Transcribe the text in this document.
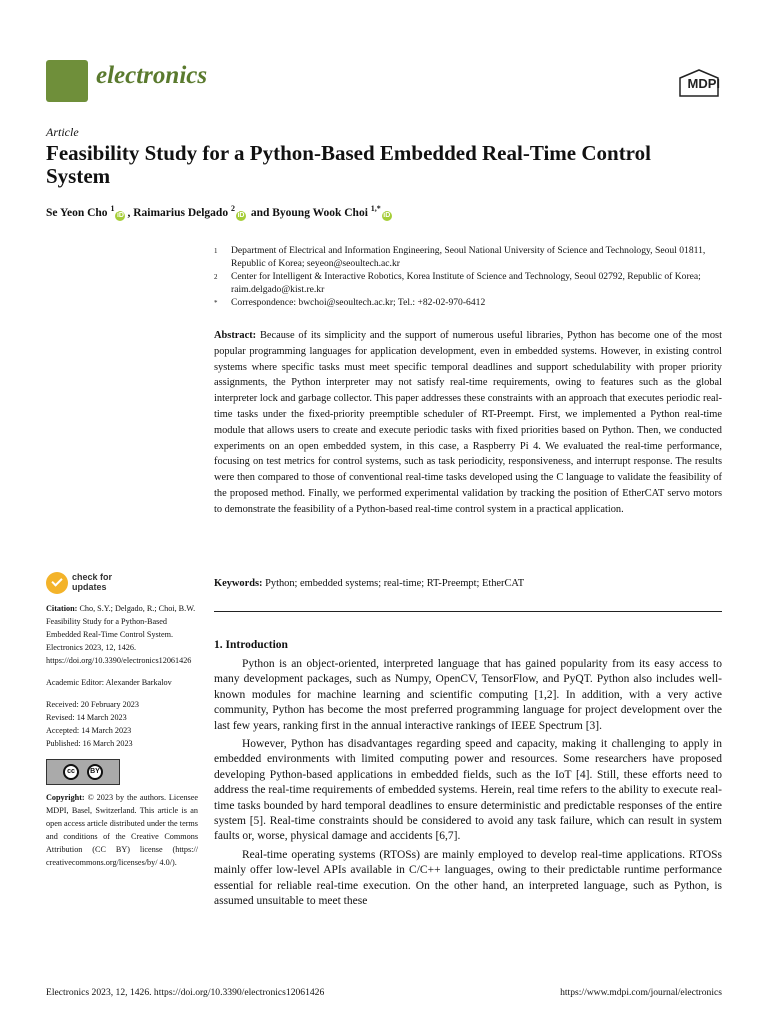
electronics	MDPI
Article
Feasibility Study for a Python-Based Embedded Real-Time Control System
Se Yeon Cho $^1$iD , Raimarius Delgado $^2$iD and Byoung Wook Choi $^{1,*}$iD
1	Department of Electrical and Information Engineering, Seoul National University of Science and Technology, Seoul 01811, Republic of Korea; seyeon@seoultech.ac.kr
2	Center for Intelligent & Interactive Robotics, Korea Institute of Science and Technology, Seoul 02792, Republic of Korea; raim.delgado@kist.re.kr
*	Correspondence: bwchoi@seoultech.ac.kr; Tel.: +82-02-970-6412
Abstract: Because of its simplicity and the support of numerous useful libraries, Python has become one of the most popular programming languages for application development, even in embedded systems. However, in existing control systems where specific tasks must meet specific temporal deadlines and support schedulability with proper priority assignments, the Python interpreter may not satisfy real-time requirements, owing to features such as the global interpreter lock and garbage collector. This paper addresses these constraints with an approach that executes periodic real-time tasks under the fixed-priority preemptible scheduler of RT-Preempt. First, we implemented a Python real-time module that allows users to create and execute periodic tasks with fixed priorities based on Python. Then, we conducted experiments on an open embedded system, in this case, a Raspberry Pi 4. We evaluated the real-time performance, focusing on test metrics for control systems, such as task periodicity, responsiveness, and interrupt response. The results were then compared to those of conventional real-time tasks developed using the C language to validate the feasibility of the proposed method. Finally, we performed experimental validation by tracking the position of EtherCAT servo motors to demonstrate the feasibility of a Python-based real-time control system in a practical application.
Keywords: Python; embedded systems; real-time; RT-Preempt; EtherCAT
check for
updates
Citation: Cho, S.Y.; Delgado, R.; Choi, B.W. Feasibility Study for a Python-Based Embedded Real-Time Control System. Electronics 2023, 12, 1426. https://doi.org/10.3390/electronics12061426
Academic Editor: Alexander Barkalov
Received: 20 February 2023
Revised: 14 March 2023
Accepted: 14 March 2023
Published: 16 March 2023
cc	BY
Copyright: © 2023 by the authors. Licensee MDPI, Basel, Switzerland. This article is an open access article distributed under the terms and conditions of the Creative Commons Attribution (CC BY) license (https:// creativecommons.org/licenses/by/ 4.0/).
1. Introduction

Python is an object-oriented, interpreted language that has gained popularity from its easy access to many development packages, such as Numpy, OpenCV, TensorFlow, and PyQT. Python also includes well-known modules for machine learning and scientific computing [1,2]. In addition, with a very active community, Python has become the most preferred programming language for project development over the last few years, ranking first in the annual interactive rankings of IEEE Spectrum [3].

However, Python has disadvantages regarding speed and capacity, making it challenging to apply in embedded environments with limited computing power and resources. Some researchers have proposed developing Python-based applications in embedded fields, such as the IoT [4]. Still, these efforts need to address the real-time requirements of embedded systems. Herein, real time refers to the ability to execute real-time tasks bounded by hard temporal deadlines to ensure deterministic and predictable responses of the entire system [5]. Real-time constraints should be considered to avoid any task failure, which can result in system faults or, worse, physical damage and accidents [6,7].

Real-time operating systems (RTOSs) are mainly employed to develop real-time applications. RTOSs mainly offer low-level APIs available in C/C++ languages, owing to their predictable runtime performance essential for reliable real-time execution. On the other hand, an interpreted language, such as Python, is assumed unsuitable to meet these

Electronics 2023, 12, 1426. https://doi.org/10.3390/electronics12061426	https://www.mdpi.com/journal/electronics
